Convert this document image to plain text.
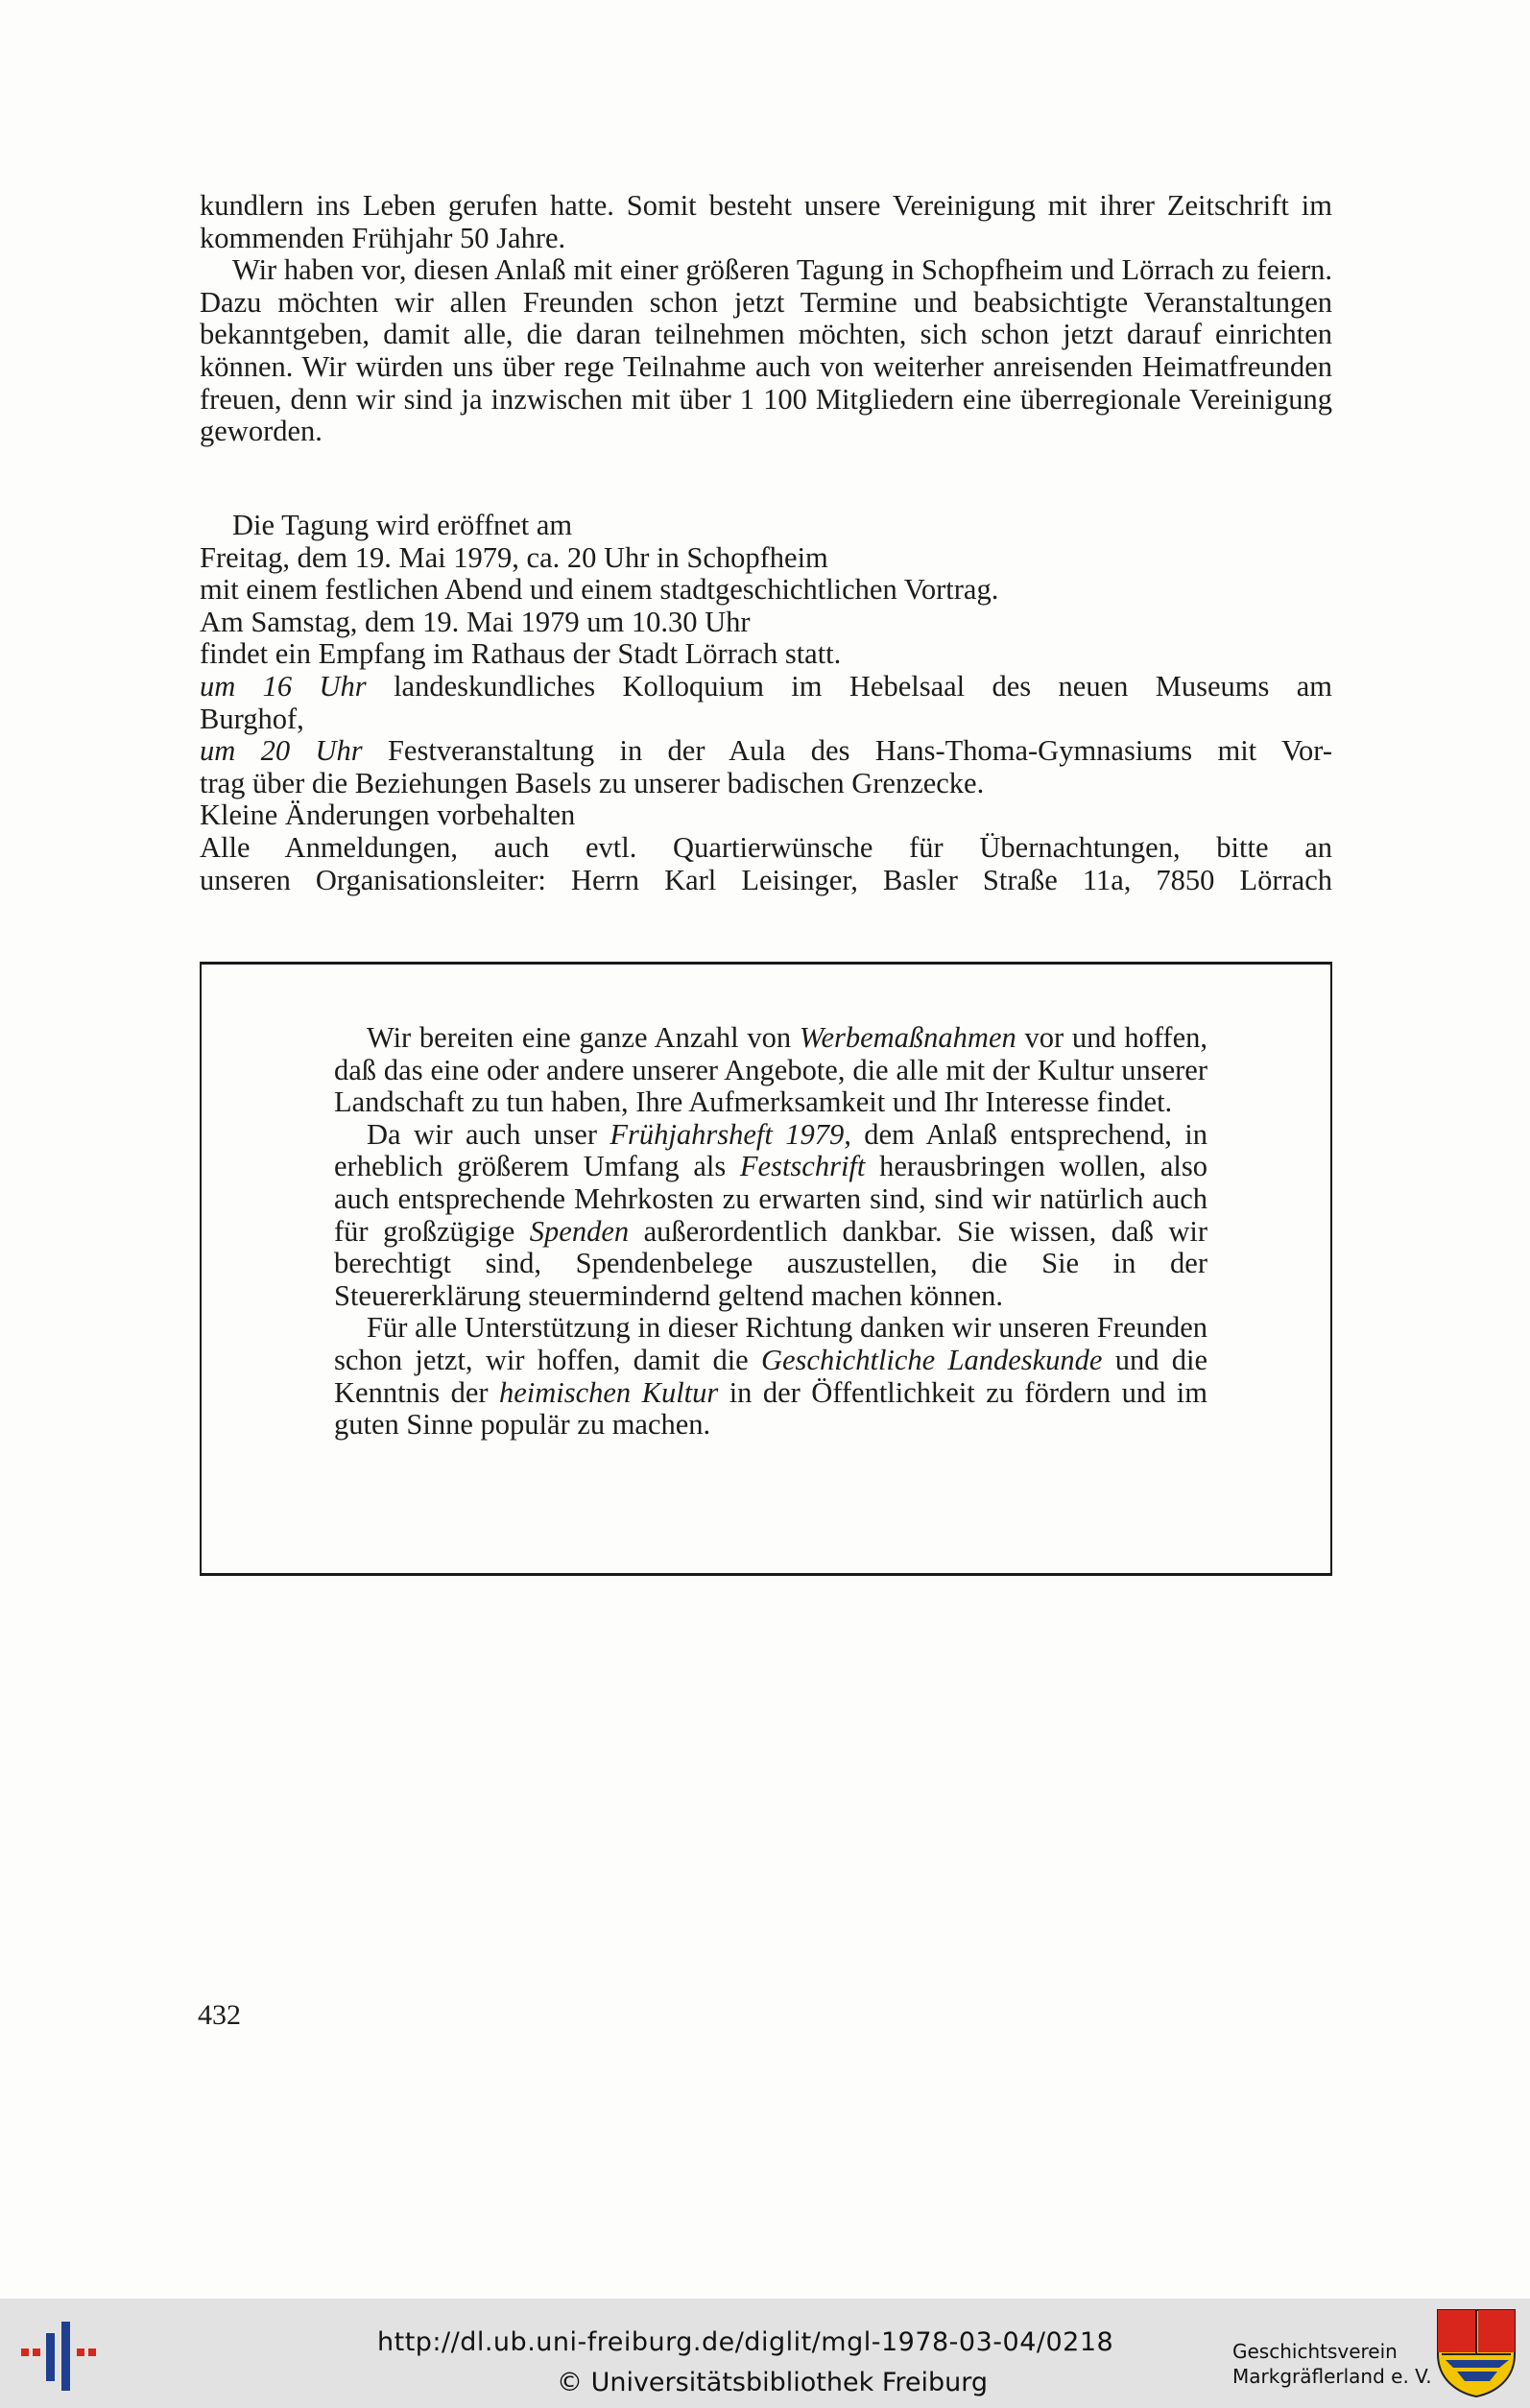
kundlern ins Leben gerufen hatte. Somit besteht unsere Vereinigung mit ihrer Zeitschrift im kommenden Frühjahr 50 Jahre.

Wir haben vor, diesen Anlaß mit einer größeren Tagung in Schopfheim und Lörrach zu feiern. Dazu möchten wir allen Freunden schon jetzt Termine und beabsichtigte Veranstaltungen bekanntgeben, damit alle, die daran teilnehmen möchten, sich schon jetzt darauf einrichten können. Wir würden uns über rege Teilnahme auch von weiterher anreisenden Heimatfreunden freuen, denn wir sind ja inzwischen mit über 1 100 Mitgliedern eine überregionale Vereinigung geworden.

Die Tagung wird eröffnet am
Freitag, dem 19. Mai 1979, ca. 20 Uhr in Schopfheim
mit einem festlichen Abend und einem stadtgeschichtlichen Vortrag.
Am Samstag, dem 19. Mai 1979 um 10.30 Uhr
findet ein Empfang im Rathaus der Stadt Lörrach statt.
um 16 Uhr landeskundliches Kolloquium im Hebelsaal des neuen Museums am
Burghof,
um 20 Uhr Festveranstaltung in der Aula des Hans-Thoma-Gymnasiums mit Vor-
trag über die Beziehungen Basels zu unserer badischen Grenzecke.
Kleine Änderungen vorbehalten
Alle Anmeldungen, auch evtl. Quartierwünsche für Übernachtungen, bitte an
unseren Organisationsleiter: Herrn Karl Leisinger, Basler Straße 11a, 7850 Lörrach

Wir bereiten eine ganze Anzahl von Werbemaßnahmen vor und hoffen, daß das eine oder andere unserer Angebote, die alle mit der Kultur unserer Landschaft zu tun haben, Ihre Aufmerksamkeit und Ihr Interesse findet.

Da wir auch unser Frühjahrsheft 1979, dem Anlaß entsprechend, in erheblich größerem Umfang als Festschrift herausbringen wollen, also auch entsprechende Mehrkosten zu erwarten sind, sind wir natürlich auch für großzügige Spenden außerordentlich dankbar. Sie wissen, daß wir berechtigt sind, Spendenbelege auszustellen, die Sie in der Steuererklärung steuermindernd geltend machen können.

Für alle Unterstützung in dieser Richtung danken wir unseren Freunden schon jetzt, wir hoffen, damit die Geschichtliche Landeskunde und die Kenntnis der heimischen Kultur in der Öffentlichkeit zu fördern und im guten Sinne populär zu machen.

432
http://dl.ub.uni-freiburg.de/diglit/mgl-1978-03-04/0218
© Universitätsbibliothek Freiburg
Geschichtsverein
Markgräflerland e. V.
